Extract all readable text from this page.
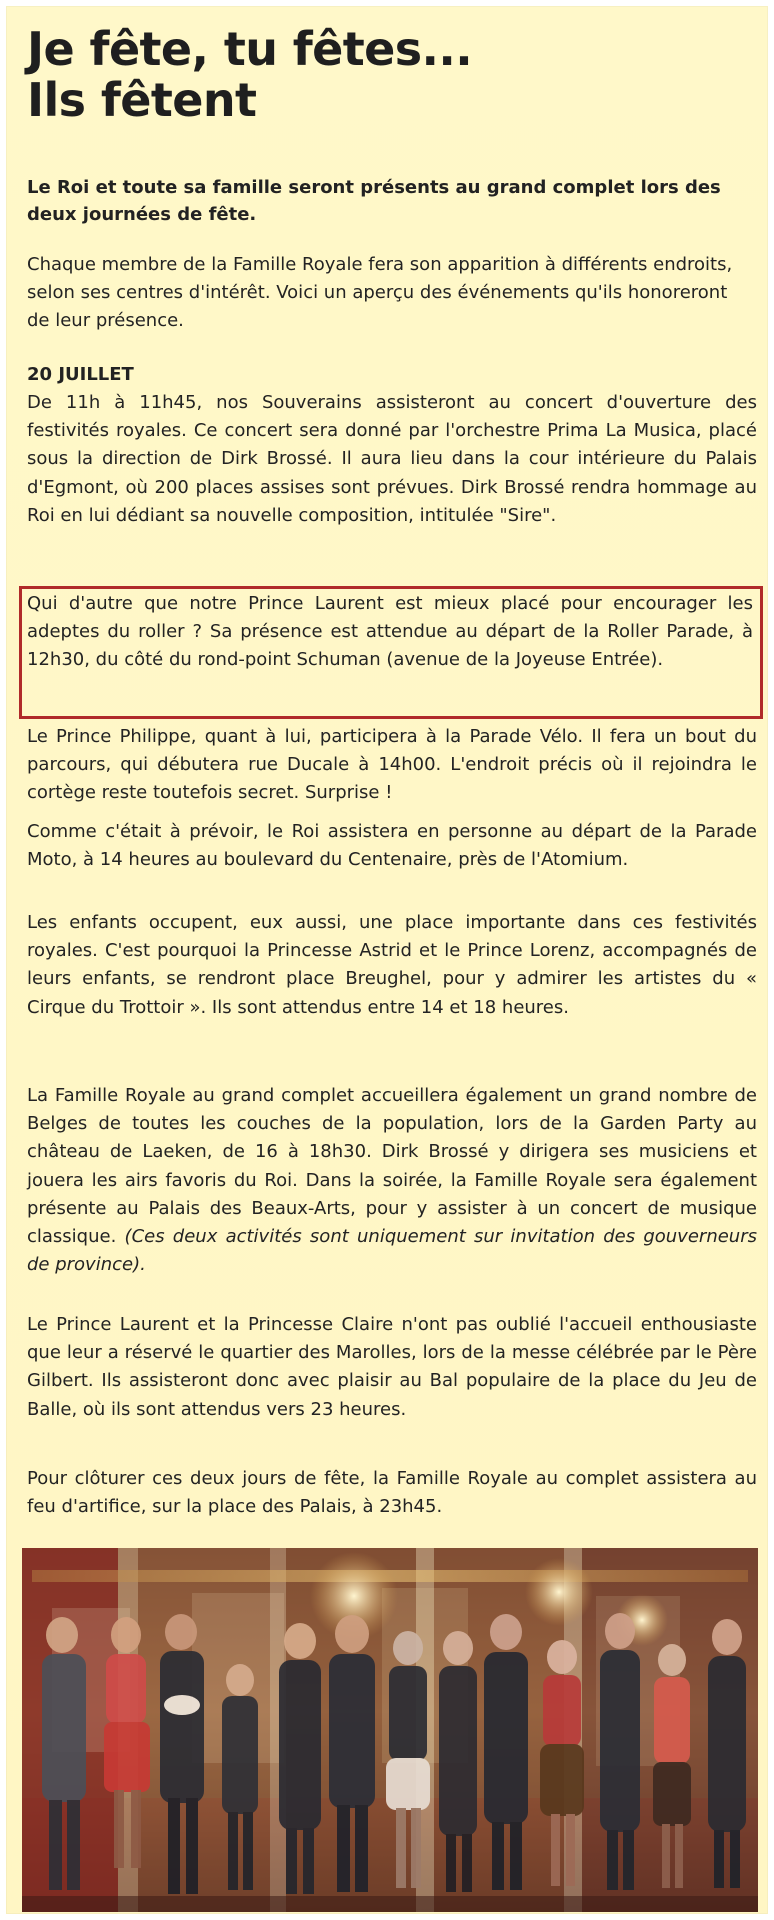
Je fête, tu fêtes...
Ils fêtent
Le Roi et toute sa famille seront présents au grand complet lors des deux journées de fête.
Chaque membre de la Famille Royale fera son apparition à différents endroits, selon ses centres d'intérêt. Voici un aperçu des événements qu'ils honoreront de leur présence.
20 JUILLET
De 11h à 11h45, nos Souverains assisteront au concert d'ouverture des festivités royales. Ce concert sera donné par l'orchestre Prima La Musica, placé sous la direction de Dirk Brossé. Il aura lieu dans la cour intérieure du Palais d'Egmont, où 200 places assises sont prévues. Dirk Brossé rendra hommage au Roi en lui dédiant sa nouvelle composition, intitulée "Sire".
Qui d'autre que notre Prince Laurent est mieux placé pour encourager les adeptes du roller ? Sa présence est attendue au départ de la Roller Parade, à 12h30, du côté du rond-point Schuman (avenue de la Joyeuse Entrée).
Le Prince Philippe, quant à lui, participera à la Parade Vélo. Il fera un bout du parcours, qui débutera rue Ducale à 14h00. L'endroit précis où il rejoindra le cortège reste toutefois secret. Surprise !
Comme c'était à prévoir, le Roi assistera en personne au départ de la Parade Moto, à 14 heures au boulevard du Centenaire, près de l'Atomium.
Les enfants occupent, eux aussi, une place importante dans ces festivités royales. C'est pourquoi la Princesse Astrid et le Prince Lorenz, accompagnés de leurs enfants, se rendront place Breughel, pour y admirer les artistes du « Cirque du Trottoir ». Ils sont attendus entre 14 et 18 heures.
La Famille Royale au grand complet accueillera également un grand nombre de Belges de toutes les couches de la population, lors de la Garden Party au château de Laeken, de 16 à 18h30. Dirk Brossé y dirigera ses musiciens et jouera les airs favoris du Roi. Dans la soirée, la Famille Royale sera également présente au Palais des Beaux-Arts, pour y assister à un concert de musique classique. (Ces deux activités sont uniquement sur invitation des gouverneurs de province).
Le Prince Laurent et la Princesse Claire n'ont pas oublié l'accueil enthousiaste que leur a réservé le quartier des Marolles, lors de la messe célébrée par le Père Gilbert. Ils assisteront donc avec plaisir au Bal populaire de la place du Jeu de Balle, où ils sont attendus vers 23 heures.
Pour clôturer ces deux jours de fête, la Famille Royale au complet assistera au feu d'artifice, sur la place des Palais, à 23h45.
